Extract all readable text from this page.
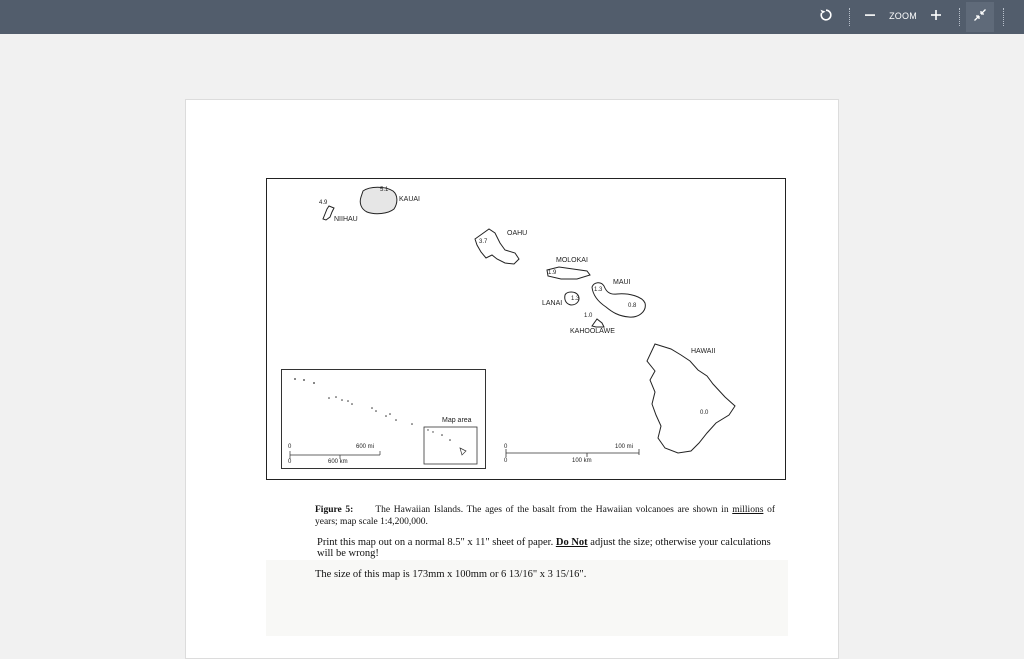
ZOOM
4.9
NIIHAU
5.1
KAUAI
OAHU
3.7
MOLOKAI
1.9
MAUI
1.3
0.8
LANAI
1.3
1.0
KAHOOLAWE
HAWAII
0.0
0	100 mi
0	100 km
Map area
0	600 mi
0	600 km
Figure 5: The Hawaiian Islands. The ages of the basalt from the Hawaiian volcanoes are shown in millions of years; map scale 1:4,200,000.
Print this map out on a normal 8.5" x 11" sheet of paper. Do Not adjust the size; otherwise your calculations will be wrong!
The size of this map is 173mm x 100mm or 6 13/16" x 3 15/16".
